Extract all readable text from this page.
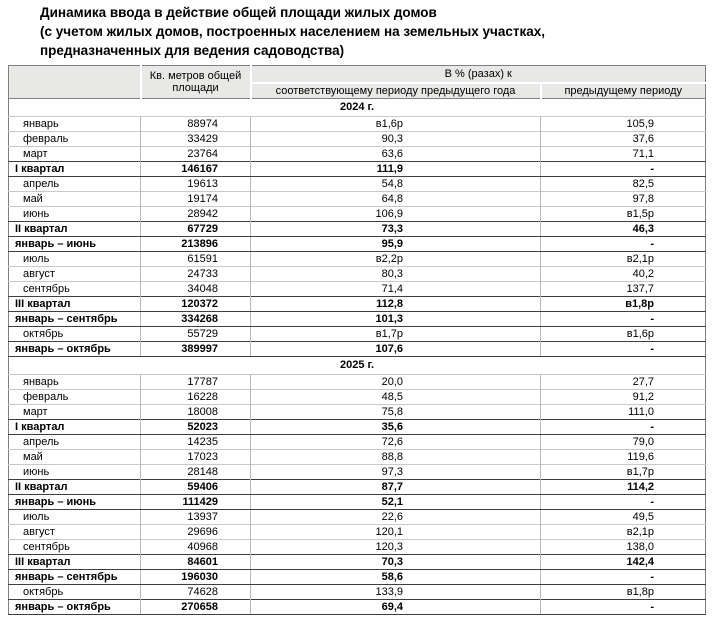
Динамика ввода в действие общей площади жилых домов
(с учетом жилых домов, построенных населением на земельных участках,
предназначенных для ведения садоводства)
	Кв. метров общей площади	В % (разах) к	
		соответствующему периоду предыдущего года	предыдущему периоду
2024 г.			
январь	88974	в1,6р	105,9
февраль	33429	90,3	37,6
март	23764	63,6	71,1
I квартал	146167	111,9	-
апрель	19613	54,8	82,5
май	19174	64,8	97,8
июнь	28942	106,9	в1,5р
II квартал	67729	73,3	46,3
январь – июнь	213896	95,9	-
июль	61591	в2,2р	в2,1р
август	24733	80,3	40,2
сентябрь	34048	71,4	137,7
III квартал	120372	112,8	в1,8р
январь – сентябрь	334268	101,3	-
октябрь	55729	в1,7р	в1,6р
январь – октябрь	389997	107,6	-
2025 г.			
январь	17787	20,0	27,7
февраль	16228	48,5	91,2
март	18008	75,8	111,0
I квартал	52023	35,6	-
апрель	14235	72,6	79,0
май	17023	88,8	119,6
июнь	28148	97,3	в1,7р
II квартал	59406	87,7	114,2
январь – июнь	111429	52,1	-
июль	13937	22,6	49,5
август	29696	120,1	в2,1р
сентябрь	40968	120,3	138,0
III квартал	84601	70,3	142,4
январь – сентябрь	196030	58,6	-
октябрь	74628	133,9	в1,8р
январь – октябрь	270658	69,4	-
